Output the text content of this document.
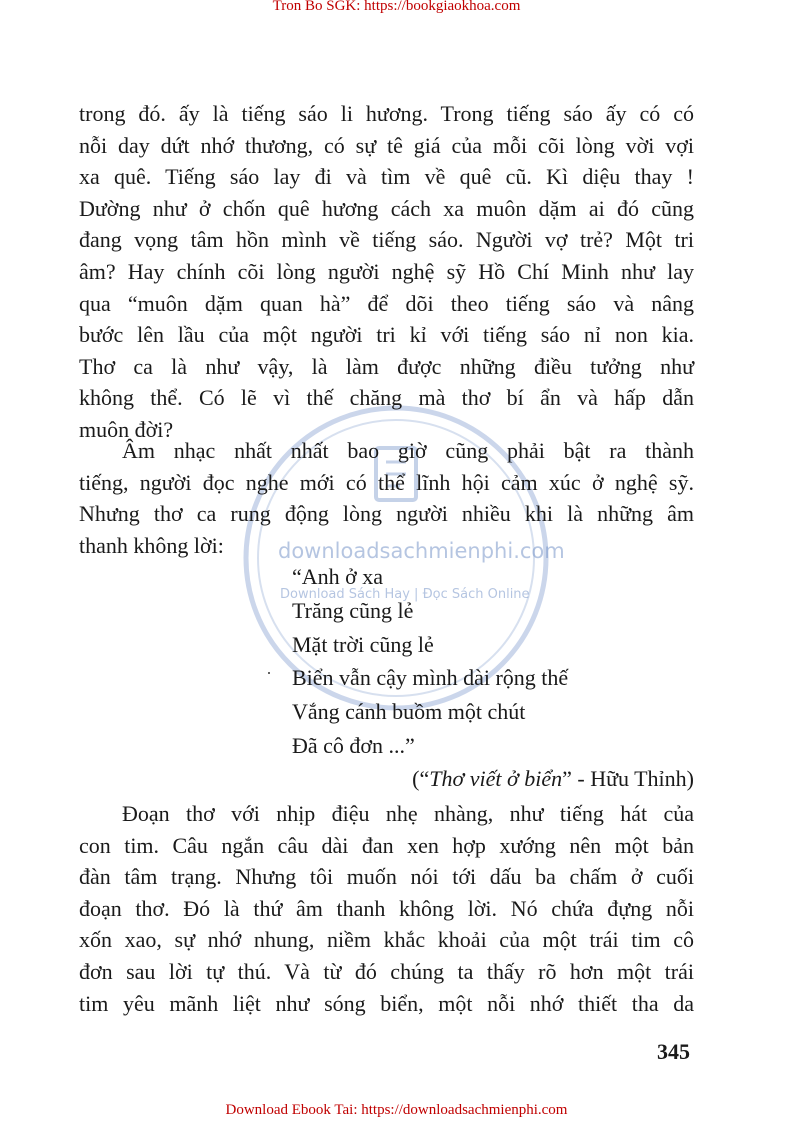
Tron Bo SGK: https://bookgiaokhoa.com
downloadsachmienphi.com
Download Sách Hay | Đọc Sách Online
trong đó. ấy là tiếng sáo li hương. Trong tiếng sáo ấy có có
nỗi day dứt nhớ thương, có sự tê giá của mỗi cõi lòng vời vợi
xa quê. Tiếng sáo lay đi và tìm về quê cũ. Kì diệu thay !
Dường như ở chốn quê hương cách xa muôn dặm ai đó cũng
đang vọng tâm hồn mình về tiếng sáo. Người vợ trẻ? Một tri
âm? Hay chính cõi lòng người nghệ sỹ Hồ Chí Minh như lay
qua “muôn dặm quan hà” để dõi theo tiếng sáo và nâng
bước lên lầu của một người tri kỉ với tiếng sáo nỉ non kia.
Thơ ca là như vậy, là làm được những điều tưởng như
không thể. Có lẽ vì thế chăng mà thơ bí ẩn và hấp dẫn
muôn đời?
Âm nhạc nhất nhất bao giờ cũng phải bật ra thành
tiếng, người đọc nghe mới có thể lĩnh hội cảm xúc ở nghệ sỹ.
Nhưng thơ ca rung động lòng người nhiều khi là những âm
thanh không lời:
“Anh ở xa
Trăng cũng lẻ
Mặt trời cũng lẻ
Biển vẫn cậy mình dài rộng thế
Vắng cánh buồm một chút
Đã cô đơn ...”
(“Thơ viết ở biển” - Hữu Thỉnh)
Đoạn thơ với nhịp điệu nhẹ nhàng, như tiếng hát của
con tim. Câu ngắn câu dài đan xen hợp xướng nên một bản
đàn tâm trạng. Nhưng tôi muốn nói tới dấu ba chấm ở cuối
đoạn thơ. Đó là thứ âm thanh không lời. Nó chứa đựng nỗi
xốn xao, sự nhớ nhung, niềm khắc khoải của một trái tim cô
đơn sau lời tự thú. Và từ đó chúng ta thấy rõ hơn một trái
tim yêu mãnh liệt như sóng biển, một nỗi nhớ thiết tha da
345
Download Ebook Tai: https://downloadsachmienphi.com
